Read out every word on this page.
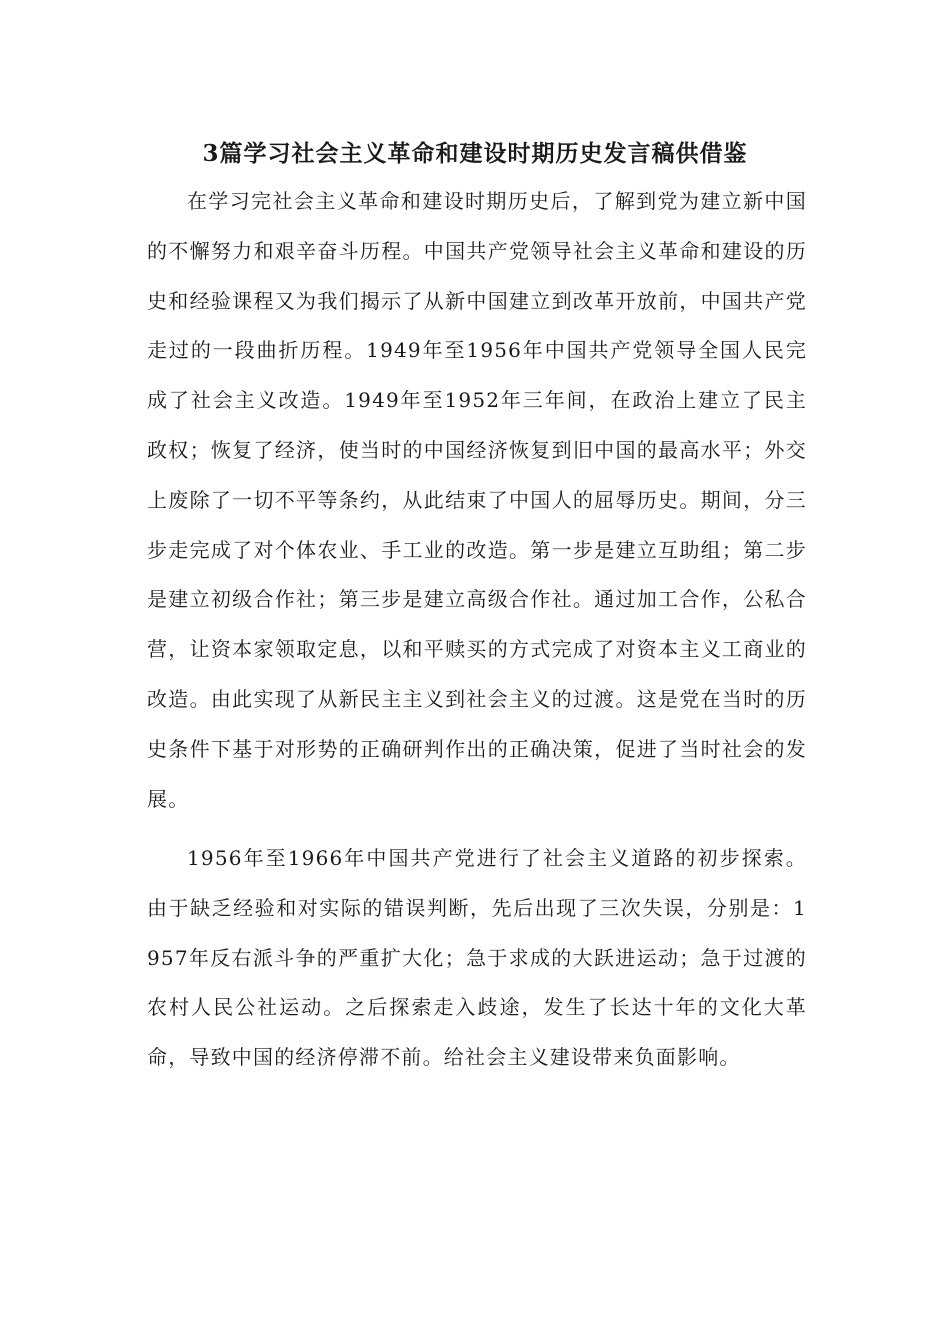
3篇学习社会主义革命和建设时期历史发言稿供借鉴

在学习完社会主义革命和建设时期历史后，了解到党为建立新中国的不懈努力和艰辛奋斗历程。中国共产党领导社会主义革命和建设的历史和经验课程又为我们揭示了从新中国建立到改革开放前，中国共产党走过的一段曲折历程。1949年至1956年中国共产党领导全国人民完成了社会主义改造。1949年至1952年三年间，在政治上建立了民主政权；恢复了经济，使当时的中国经济恢复到旧中国的最高水平；外交上废除了一切不平等条约，从此结束了中国人的屈辱历史。期间，分三步走完成了对个体农业、手工业的改造。第一步是建立互助组；第二步是建立初级合作社；第三步是建立高级合作社。通过加工合作，公私合营，让资本家领取定息，以和平赎买的方式完成了对资本主义工商业的改造。由此实现了从新民主主义到社会主义的过渡。这是党在当时的历史条件下基于对形势的正确研判作出的正确决策，促进了当时社会的发展。

1956年至1966年中国共产党进行了社会主义道路的初步探索。由于缺乏经验和对实际的错误判断，先后出现了三次失误，分别是：1957年反右派斗争的严重扩大化；急于求成的大跃进运动；急于过渡的农村人民公社运动。之后探索走入歧途，发生了长达十年的文化大革命，导致中国的经济停滞不前。给社会主义建设带来负面影响。
